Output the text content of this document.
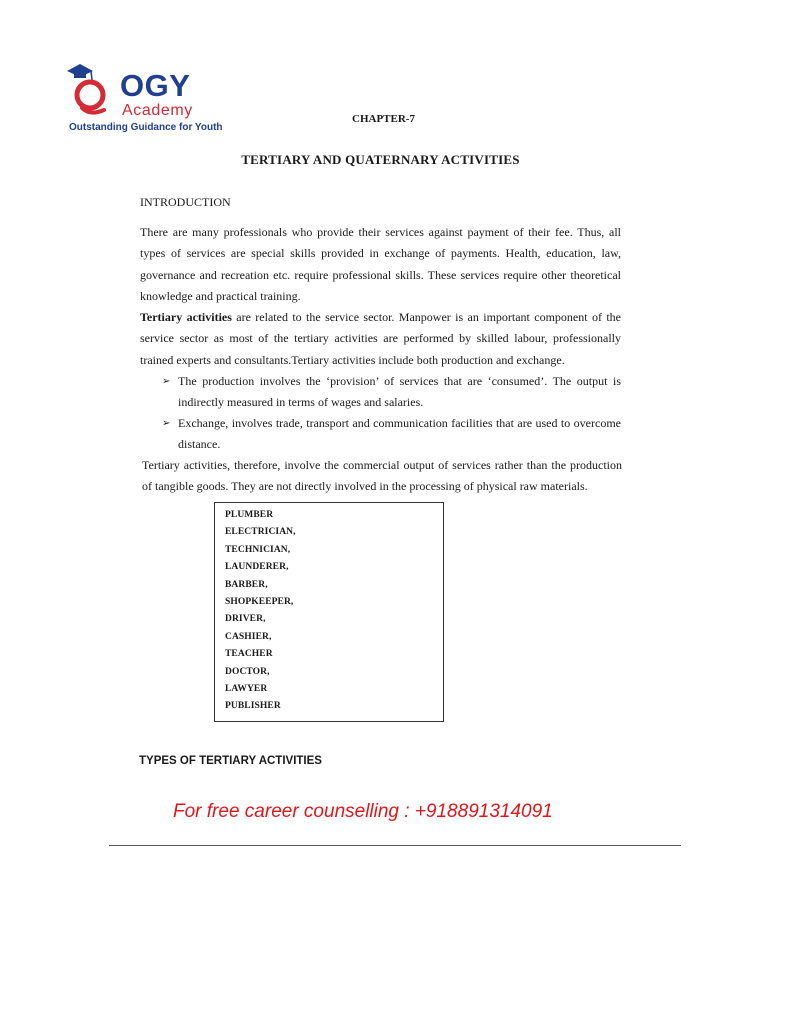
OGY
Academy
Outstanding Guidance for Youth
CHAPTER-7
TERTIARY AND QUATERNARY ACTIVITIES
INTRODUCTION

There are many professionals who provide their services against payment of their fee. Thus, all types of services are special skills provided in exchange of payments. Health, education, law, governance and recreation etc. require professional skills. These services require other theoretical knowledge and practical training.

Tertiary activities are related to the service sector. Manpower is an important component of the service sector as most of the tertiary activities are performed by skilled labour, professionally trained experts and consultants.Tertiary activities include both production and exchange.

➢ The production involves the ‘provision’ of services that are ‘consumed’. The output is indirectly measured in terms of wages and salaries.
➢ Exchange, involves trade, transport and communication facilities that are used to overcome distance.

Tertiary activities, therefore, involve the commercial output of services rather than the production of tangible goods. They are not directly involved in the processing of physical raw materials.

PLUMBER
ELECTRICIAN,
TECHNICIAN,
LAUNDERER,
BARBER,
SHOPKEEPER,
DRIVER,
CASHIER,
TEACHER
DOCTOR,
LAWYER
PUBLISHER
TYPES OF TERTIARY ACTIVITIES
For free career counselling : +918891314091
